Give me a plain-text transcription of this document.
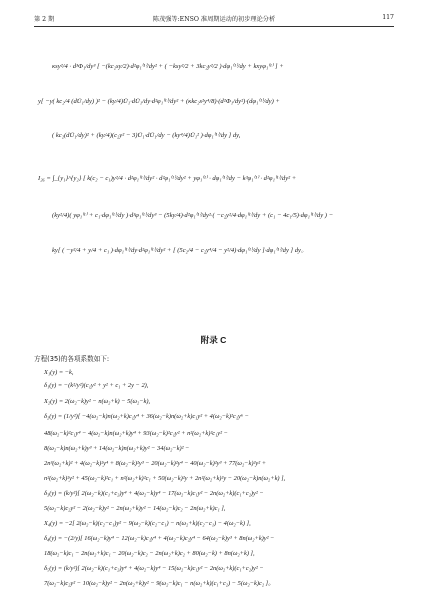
第 2 期	陈茂强等:ENSO 准周期运动的初步理论分析	117
κsy²/4 · d³Φ₁/dy³ [ −(kc₂sy/2)·d²φ₁⁽¹⁾/dy² + ( −ksy²/2 + 3kc₂y²/2 )·dφ₁⁽¹⁾/dy + kxyφ₁⁽¹⁾ ] +
y[ −y( kc₂/4 (dŪ₁/dy) )² − (ky/4)Ū₁·dŪ₁/dy·d²φ₁⁽¹⁾/dy² + (κkc₂s²y⁴/8)·(d²Φ₁/dy²)·(dφ₁⁽¹⁾/dy) +
( kc₂(dŪ₁/dy)² + (ky/4)(c₂y² − 3)Ū₁·dŪ₁/dy − (ky⁴/4)Ū₁² )·dφ₁⁽¹⁾/dy ] dy,
I₂₆ = ∫_{y₁}^{y₂} [ k(c₂ − c₁)y²/4 · d²φ₁⁽¹⁾/dy² · d²φ₁⁽¹⁾/dy² + yφ₁⁽¹⁾ · dφ₁⁽¹⁾/dy − k³φ₁⁽¹⁾ · d²φ₁⁽¹⁾/dy² +
(ky²/4)( yφ₁⁽¹⁾ + c₁·dφ₁⁽¹⁾/dy )·d³φ₁⁽¹⁾/dy³ − (5ky/4)·d²φ₁⁽¹⁾/dy²·( −c₂y²/4·dφ₁⁽¹⁾/dy + (c₁ − 4c₁/5)·dφ₁⁽¹⁾/dy ) −
ky[ ( −y²/4 + y/4 + c₁ )·dφ₁⁽¹⁾/dy·d²φ₁⁽¹⁾/dy² + [ (5c₂/4 − c₂y⁴/4 − y²/4)·dφ₁⁽¹⁾/dy ]·dφ₁⁽¹⁾/dy ] dy。
附录 C
方程(35)的各项系数如下:
X₁(y) = −k,
δ₁(y) = −(k²/y²)(c₁y² + y² + c₁ + 2y − 2),
X₂(y) = 2(ω₂−k)y² − n(ω₂+k) − 5(ω₂−k),
δ₂(y) = (1/y²)[ −4(ω₂−k)n(ω₂+k)c₁y⁴ + 36(ω₂−k)n(ω₂+k)c₁y² + 4(ω₂−k)²c₁y⁶ −
48(ω₂−k)²c₁y⁴ − 4(ω₂−k)n(ω₂+k)y⁴ + 93(ω₂−k)²c₁y² + n²(ω₂+k)²c₁y² −
8(ω₂−k)n(ω₂+k)y³ + 14(ω₂−k)n(ω₂+k)y² − 34(ω₂−k)² −
2n³(ω₂+k)² + 4(ω₂−k)²y⁴ + 8(ω₂−k)²y³ − 20(ω₂−k)²y⁴ − 40(ω₂−k)²y³ + 77(ω₂−k)²y² +
n²(ω₂+k)²y² + 45(ω₂−k)²c₁ + n²(ω₂+k)²c₁ + 50(ω₂−k)²y + 2n²(ω₂+k)²y − 20(ω₂−k)n(ω₂+k) ],
δ₃(y) = (k/y²)[ 2(ω₂−k)(c₁+c₂)y⁴ + 4(ω₂−k)y⁴ − 17(ω₂−k)c₁y² − 2n(ω₂+k)(c₁+c₂)y² −
5(ω₂−k)c₂y² − 2(ω₂−k)y² − 2n(ω₂+k)y² − 14(ω₂−k)c₂ − 2n(ω₂+k)c₁ ],
X₄(y) = −2[ 2(ω₂−k)(c₂−c₁)y² − 9(ω₂−k)(c₂−c₁) − n(ω₂+k)(c₂−c₁) − 4(ω₂−k) ],
δ₄(y) = −(2/y)[ 16(ω₂−k)y⁴ − 12(ω₂−k)c₁y⁴ + 4(ω₂−k)c₂y⁴ − 64(ω₂−k)y³ + 8n(ω₂+k)y² −
18(ω₂−k)c₁ − 2n(ω₂+k)c₁ − 20(ω₂−k)c₂ − 2n(ω₂+k)c₂ + 80(ω₂−k) + 8n(ω₂+k) ],
δ₅(y) = (k/y²)[ 2(ω₂−k)(c₁+c₂)y⁴ + 4(ω₂−k)y⁴ − 15(ω₂−k)c₁y² − 2n(ω₂+k)(c₁+c₂)y² −
7(ω₂−k)c₂y² − 10(ω₂−k)y² − 2n(ω₂+k)y² − 9(ω₂−k)c₁ − n(ω₂+k)(c₁+c₂) − 5(ω₂−k)c₂ ]。
